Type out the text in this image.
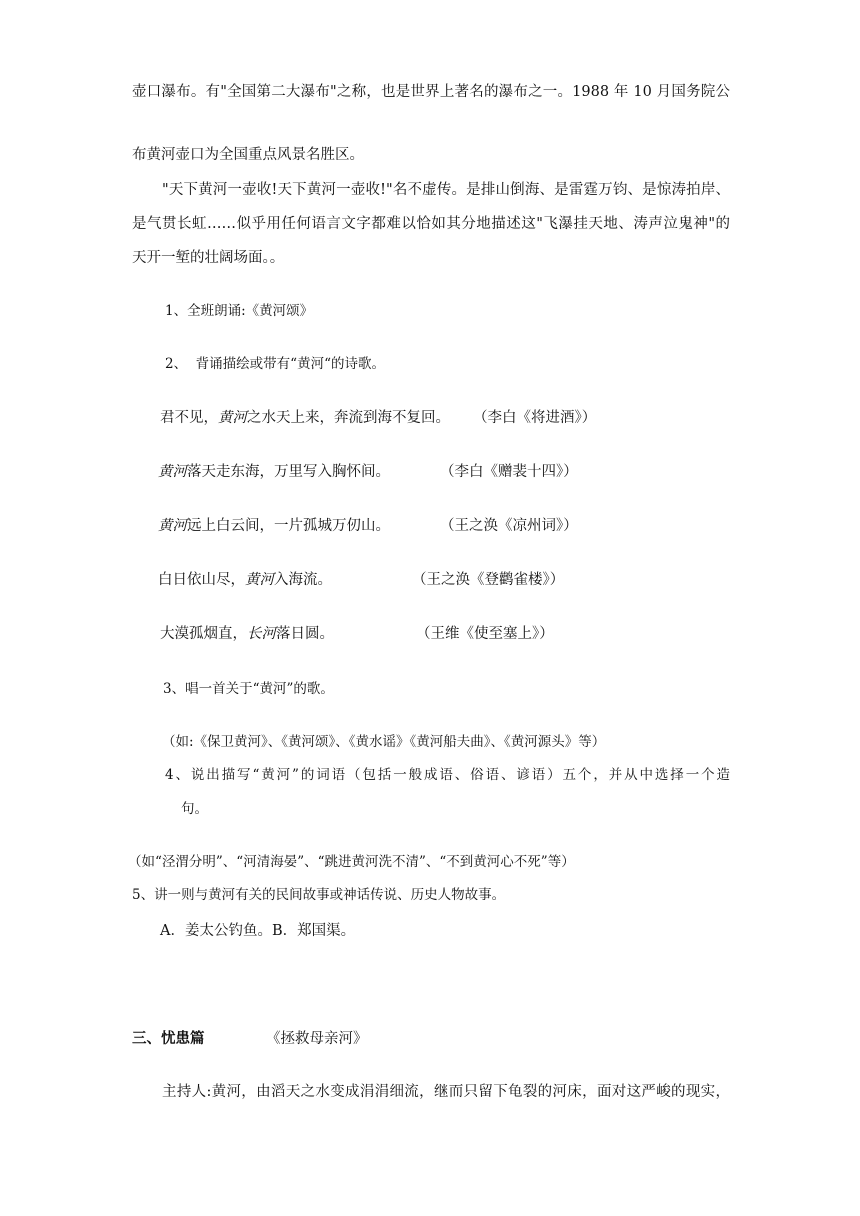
壶口瀑布。有"全国第二大瀑布"之称，也是世界上著名的瀑布之一。1988 年 10 月国务院公
布黄河壶口为全国重点风景名胜区。
"天下黄河一壶收!天下黄河一壶收!"名不虚传。是排山倒海、是雷霆万钧、是惊涛拍岸、
是气贯长虹……似乎用任何语言文字都难以恰如其分地描述这"飞瀑挂天地、涛声泣鬼神"的
天开一堑的壮阔场面。。
1、全班朗诵:《黄河颂》
2、  背诵描绘或带有“黄河“的诗歌。
君不见，黄河之水天上来，奔流到海不复回。 （李白《将进酒》）
黄河落天走东海，万里写入胸怀间。	（李白《赠裴十四》）
黄河远上白云间，一片孤城万仞山。	（王之涣《凉州词》）
白日依山尽，黄河入海流。	（王之涣《登鹳雀楼》）
大漠孤烟直，长河落日圆。	（王维《使至塞上》）
3、唱一首关于“黄河”的歌。
（如:《保卫黄河》、《黄河颂》、《黄水谣》《黄河船夫曲》、《黄河源头》等）
4、说出描写“黄河”的词语（包括一般成语、俗语、谚语）五个，并从中选择一个造
句。
（如“泾渭分明”、“河清海晏”、“跳进黄河洗不清”、“不到黄河心不死”等）
5、讲一则与黄河有关的民间故事或神话传说、历史人物故事。
A．姜太公钓鱼。B．郑国渠。
三、忧患篇	《拯救母亲河》
主持人:黄河，由滔天之水变成涓涓细流，继而只留下龟裂的河床，面对这严峻的现实，
